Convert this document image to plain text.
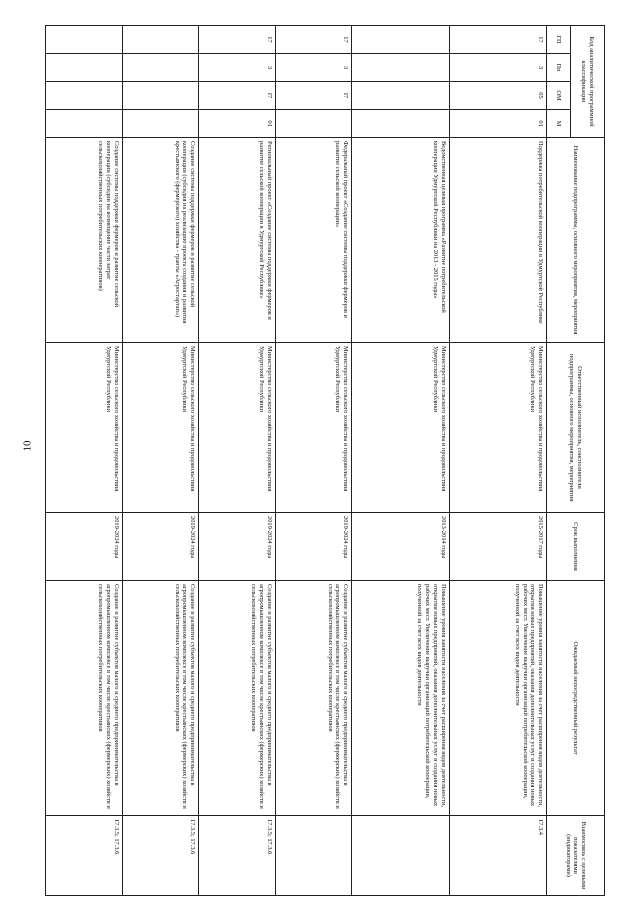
10
Код аналитической программной классификации				Наименование подпрограммы, основного мероприятия, мероприятия	Ответственный исполнитель, соисполнители подпрограммы, основного мероприятия, мероприятия	Срок выполнения	Ожидаемый непосредственный результат	Взаимосвязь с целевыми показателями (индикаторами)
ГП	Пп	ОМ	М					
17	3	05	01	Поддержка потребительской кооперации в Удмуртской Республике	Министерство сельского хозяйства и продовольствия Удмуртской Республики	2015-2017 годы	Повышение уровня занятости населения за счет расширения видов деятельности, открытия новых предприятий, оказания дополнительных услуг и создания новых рабочих мест. Увеличение выручки организаций потребительской кооперации, полученной за счет всех видов деятельности	17.3.4
				Ведомственная целевая программа «Развитие потребительской кооперации Удмуртской Республики на 2013 - 2015 годы»	Министерство сельского хозяйства и продовольствия Удмуртской Республики	2013-2014 годы	Повышение уровня занятости населения за счет расширения видов деятельности, открытия новых предприятий, оказания дополнительных услуг и создания новых рабочих мест. Увеличение выручки организаций потребительской кооперации, полученной за счет всех видов деятельности	
17	3	I7		Федеральный проект «Создание системы поддержки фермеров и развитие сельской кооперации»	Министерство сельского хозяйства и продовольствия Удмуртской Республики	2019-2024 годы	Создание и развитие субъектов малого и среднего предпринимательства в агропромышленном комплексе в том числе крестьянских (фермерских) хозяйств и сельскохозяйственных потребительских кооперативов	
17	3	I7	01	Региональный проект «Создание системы поддержки фермеров и развитие сельской кооперации в Удмуртской Республике»	Министерство сельского хозяйства и продовольствия Удмуртской Республики	2019-2024 годы	Создание и развитие субъектов малого и среднего предпринимательства в агропромышленном комплексе в том числе крестьянских (фермерских) хозяйств и сельскохозяйственных потребительских кооперативов	17.3.5; 17.3.6
				Создание системы поддержки фермеров и развитие сельской кооперации (субсидия на реализацию проекта создания и развития крестьянского (фермерского) хозяйства - гранты «Агростартап»)	Министерство сельского хозяйства и продовольствия Удмуртской Республики	2019-2024 годы	Создание и развитие субъектов малого и среднего предпринимательства в агропромышленном комплексе в том числе крестьянских (фермерских) хозяйств и сельскохозяйственных потребительских кооперативов	17.3.5; 17.3.6
				Создание системы поддержки фермеров и развитие сельской кооперации (субсидии на возмещение части затрат сельскохозяйственных потребительских кооперативов)	Министерство сельского хозяйства и продовольствия Удмуртской Республики	2019-2024 годы	Создание и развитие субъектов малого и среднего предпринимательства в агропромышленном комплексе в том числе крестьянских (фермерских) хозяйств и сельскохозяйственных потребительских кооперативов	17.3.5; 17.3.6
